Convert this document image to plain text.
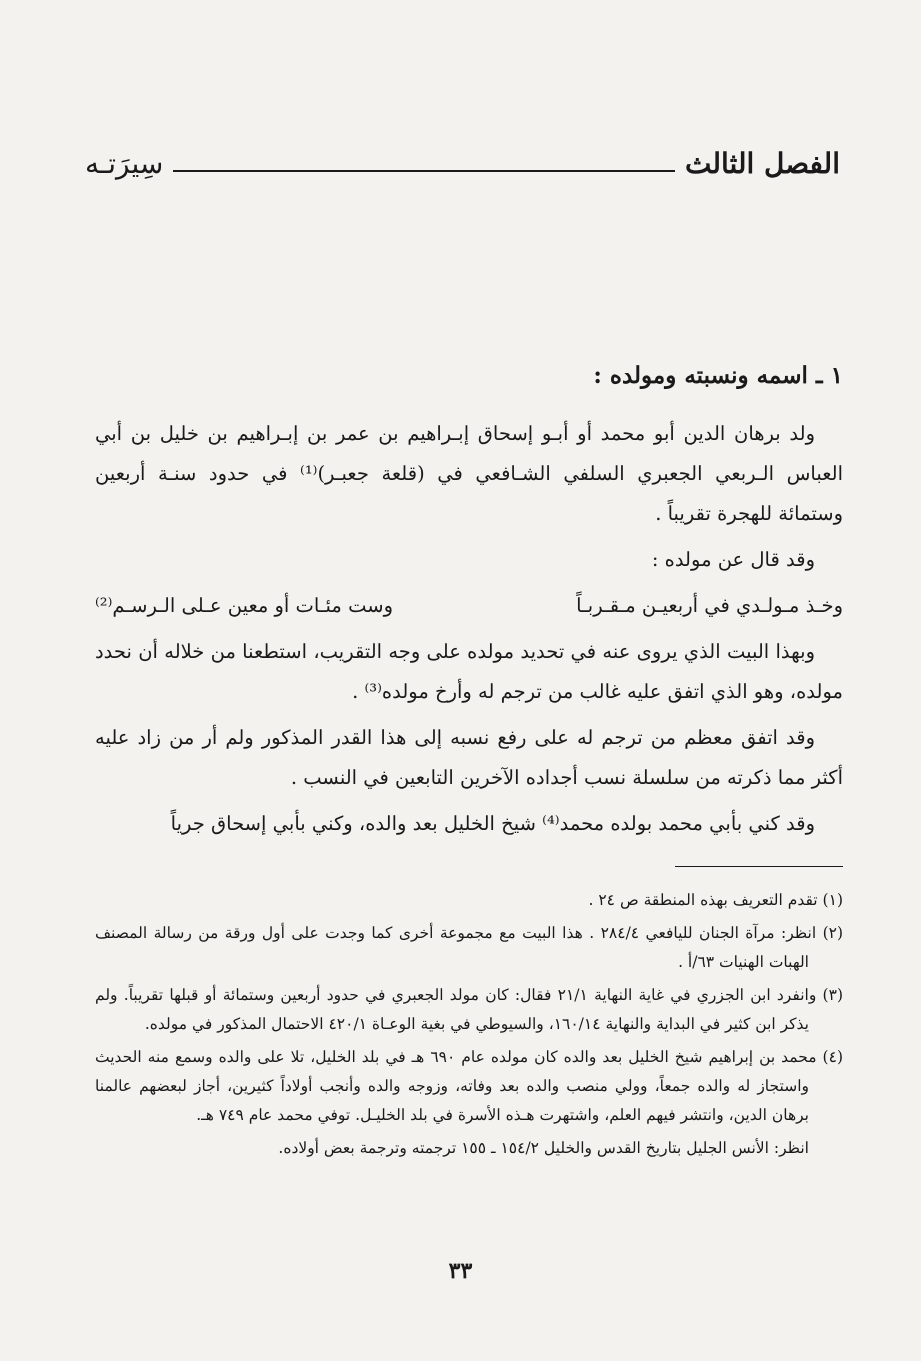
الفصل الثالث
سِيرَتـه
١ ـ اسمه ونسبته ومولده :

ولد برهان الدين أبو محمد أو أبـو إسحاق إبـراهيم بن عمر بن إبـراهيم بن خليل بن أبي العباس الـربعي الجعبري السلفي الشـافعي في (قلعة جعبـر)⁽¹⁾ في حدود سنـة أربعين وستمائة للهجرة تقريباً .

وقد قال عن مولده :

وخـذ مـولـدي في أربعيـن مـقـربـاً
وست مئـات أو معين عـلى الـرسـم⁽²⁾

وبهذا البيت الذي يروى عنه في تحديد مولده على وجه التقريب، استطعنا من خلاله أن نحدد مولده، وهو الذي اتفق عليه غالب من ترجم له وأرخ مولده⁽³⁾ .

وقد اتفق معظم من ترجم له على رفع نسبه إلى هذا القدر المذكور ولم أر من زاد عليه أكثر مما ذكرته من سلسلة نسب أجداده الآخرين التابعين في النسب .

وقد كني بأبي محمد بولده محمد⁽⁴⁾ شيخ الخليل بعد والده، وكني بأبي إسحاق جرياً

(١) تقدم التعريف بهذه المنطقة ص ٢٤ .

(٢) انظر: مرآة الجنان لليافعي ٢٨٤/٤ . هذا البيت مع مجموعة أخرى كما وجدت على أول ورقة من رسالة المصنف الهبات الهنيات ٦٣/أ .

(٣) وانفرد ابن الجزري في غاية النهاية ٢١/١ فقال: كان مولد الجعبري في حدود أربعين وستمائة أو قبلها تقريباً. ولم يذكر ابن كثير في البداية والنهاية ١٦٠/١٤، والسيوطي في بغية الوعـاة ٤٢٠/١ الاحتمال المذكور في مولده.

(٤) محمد بن إبراهيم شيخ الخليل بعد والده كان مولده عام ٦٩٠ هـ في بلد الخليل، تلا على والده وسمع منه الحديث واستجاز له والده جمعاً، وولي منصب والده بعد وفاته، وزوجه والده وأنجب أولاداً كثيرين، أجاز لبعضهم عالمنا برهان الدين، وانتشر فيهم العلم، واشتهرت هـذه الأسرة في بلد الخليـل. توفي محمد عام ٧٤٩ هـ.

انظر: الأنس الجليل بتاريخ القدس والخليل ١٥٤/٢ ـ ١٥٥ ترجمته وترجمة بعض أولاده.

٣٣
